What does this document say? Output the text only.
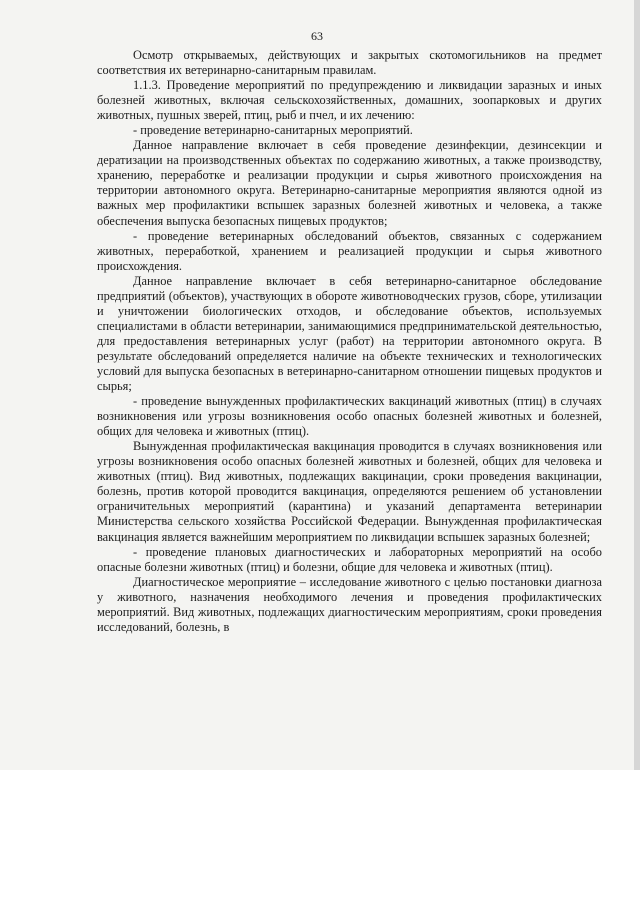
63

Осмотр открываемых, действующих и закрытых скотомогильников на предмет соответствия их ветеринарно-санитарным правилам.

1.1.3. Проведение мероприятий по предупреждению и ликвидации заразных и иных болезней животных, включая сельскохозяйственных, домашних, зоопарковых и других животных, пушных зверей, птиц, рыб и пчел, и их лечению:

- проведение ветеринарно-санитарных мероприятий.

Данное направление включает в себя проведение дезинфекции, дезинсекции и дератизации на производственных объектах по содержанию животных, а также производству, хранению, переработке и реализации продукции и сырья животного происхождения на территории автономного округа. Ветеринарно-санитарные мероприятия являются одной из важных мер профилактики вспышек заразных болезней животных и человека, а также обеспечения выпуска безопасных пищевых продуктов;

- проведение ветеринарных обследований объектов, связанных с содержанием животных, переработкой, хранением и реализацией продукции и сырья животного происхождения.

Данное направление включает в себя ветеринарно-санитарное обследование предприятий (объектов), участвующих в обороте животноводческих грузов, сборе, утилизации и уничтожении биологических отходов, и обследование объектов, используемых специалистами в области ветеринарии, занимающимися предпринимательской деятельностью, для предоставления ветеринарных услуг (работ) на территории автономного округа. В результате обследований определяется наличие на объекте технических и технологических условий для выпуска безопасных в ветеринарно-санитарном отношении пищевых продуктов и сырья;

- проведение вынужденных профилактических вакцинаций животных (птиц) в случаях возникновения или угрозы возникновения особо опасных болезней животных и болезней, общих для человека и животных (птиц).

Вынужденная профилактическая вакцинация проводится в случаях возникновения или угрозы возникновения особо опасных болезней животных и болезней, общих для человека и животных (птиц). Вид животных, подлежащих вакцинации, сроки проведения вакцинации, болезнь, против которой проводится вакцинация, определяются решением об установлении ограничительных мероприятий (карантина) и указаний департамента ветеринарии Министерства сельского хозяйства Российской Федерации. Вынужденная профилактическая вакцинация является важнейшим мероприятием по ликвидации вспышек заразных болезней;

- проведение плановых диагностических и лабораторных мероприятий на особо опасные болезни животных (птиц) и болезни, общие для человека и животных (птиц).

Диагностическое мероприятие – исследование животного с целью постановки диагноза у животного, назначения необходимого лечения и проведения профилактических мероприятий. Вид животных, подлежащих диагностическим мероприятиям, сроки проведения исследований, болезнь, в
